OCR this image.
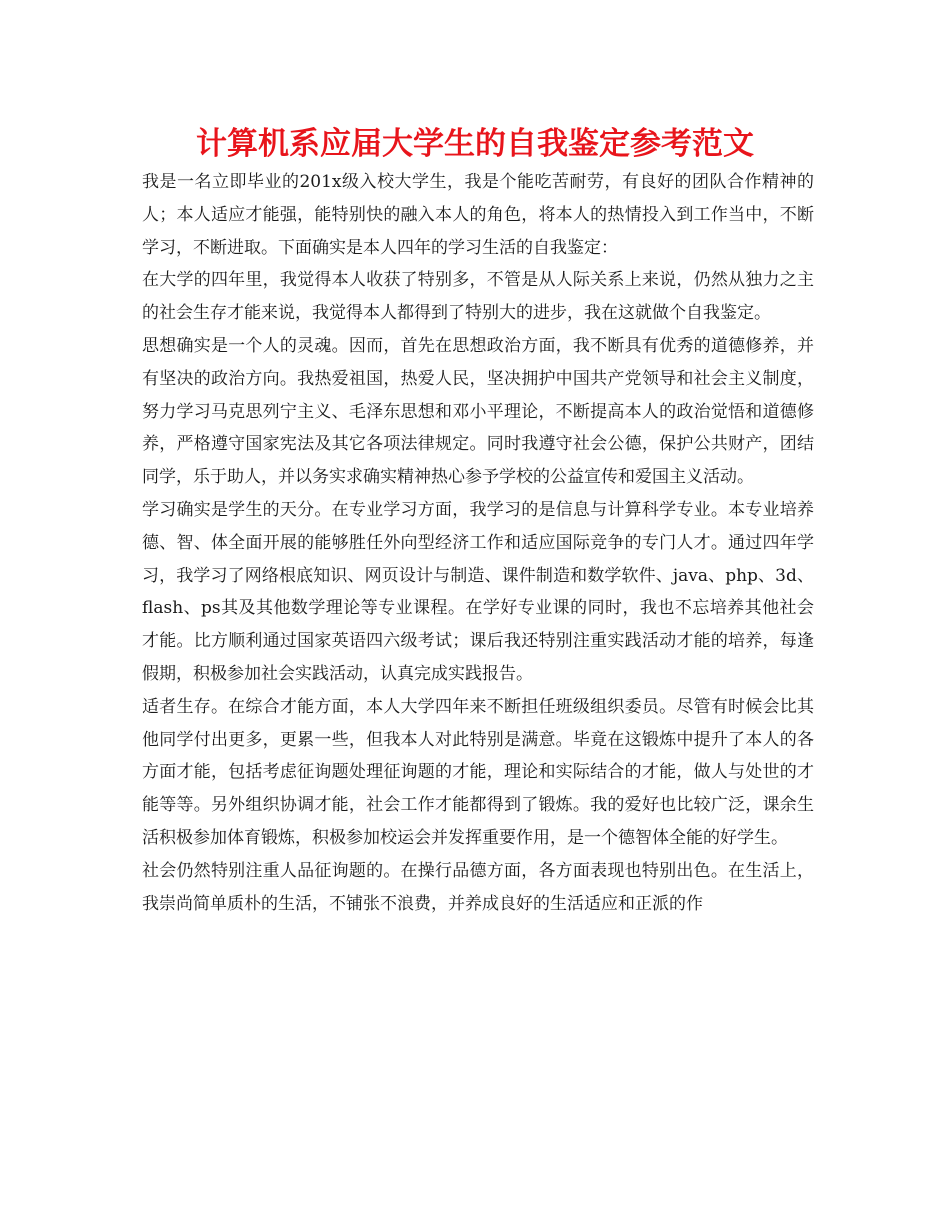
计算机系应届大学生的自我鉴定参考范文

我是一名立即毕业的201x级入校大学生，我是个能吃苦耐劳，有良好的团队合作精神的人；本人适应才能强，能特别快的融入本人的角色，将本人的热情投入到工作当中，不断学习，不断进取。下面确实是本人四年的学习生活的自我鉴定：

在大学的四年里，我觉得本人收获了特别多，不管是从人际关系上来说，仍然从独力之主的社会生存才能来说，我觉得本人都得到了特别大的进步，我在这就做个自我鉴定。

思想确实是一个人的灵魂。因而，首先在思想政治方面，我不断具有优秀的道德修养，并有坚决的政治方向。我热爱祖国，热爱人民，坚决拥护中国共产党领导和社会主义制度，努力学习马克思列宁主义、毛泽东思想和邓小平理论，不断提高本人的政治觉悟和道德修养，严格遵守国家宪法及其它各项法律规定。同时我遵守社会公德，保护公共财产，团结同学，乐于助人，并以务实求确实精神热心参予学校的公益宣传和爱国主义活动。

学习确实是学生的天分。在专业学习方面，我学习的是信息与计算科学专业。本专业培养德、智、体全面开展的能够胜任外向型经济工作和适应国际竞争的专门人才。通过四年学习，我学习了网络根底知识、网页设计与制造、课件制造和数学软件、java、php、3d、flash、ps其及其他数学理论等专业课程。在学好专业课的同时，我也不忘培养其他社会才能。比方顺利通过国家英语四六级考试；课后我还特别注重实践活动才能的培养，每逢假期，积极参加社会实践活动，认真完成实践报告。

适者生存。在综合才能方面，本人大学四年来不断担任班级组织委员。尽管有时候会比其他同学付出更多，更累一些，但我本人对此特别是满意。毕竟在这锻炼中提升了本人的各方面才能，包括考虑征询题处理征询题的才能，理论和实际结合的才能，做人与处世的才能等等。另外组织协调才能，社会工作才能都得到了锻炼。我的爱好也比较广泛，课余生活积极参加体育锻炼，积极参加校运会并发挥重要作用，是一个德智体全能的好学生。

社会仍然特别注重人品征询题的。在操行品德方面，各方面表现也特别出色。在生活上，我崇尚简单质朴的生活，不铺张不浪费，并养成良好的生活适应和正派的作
